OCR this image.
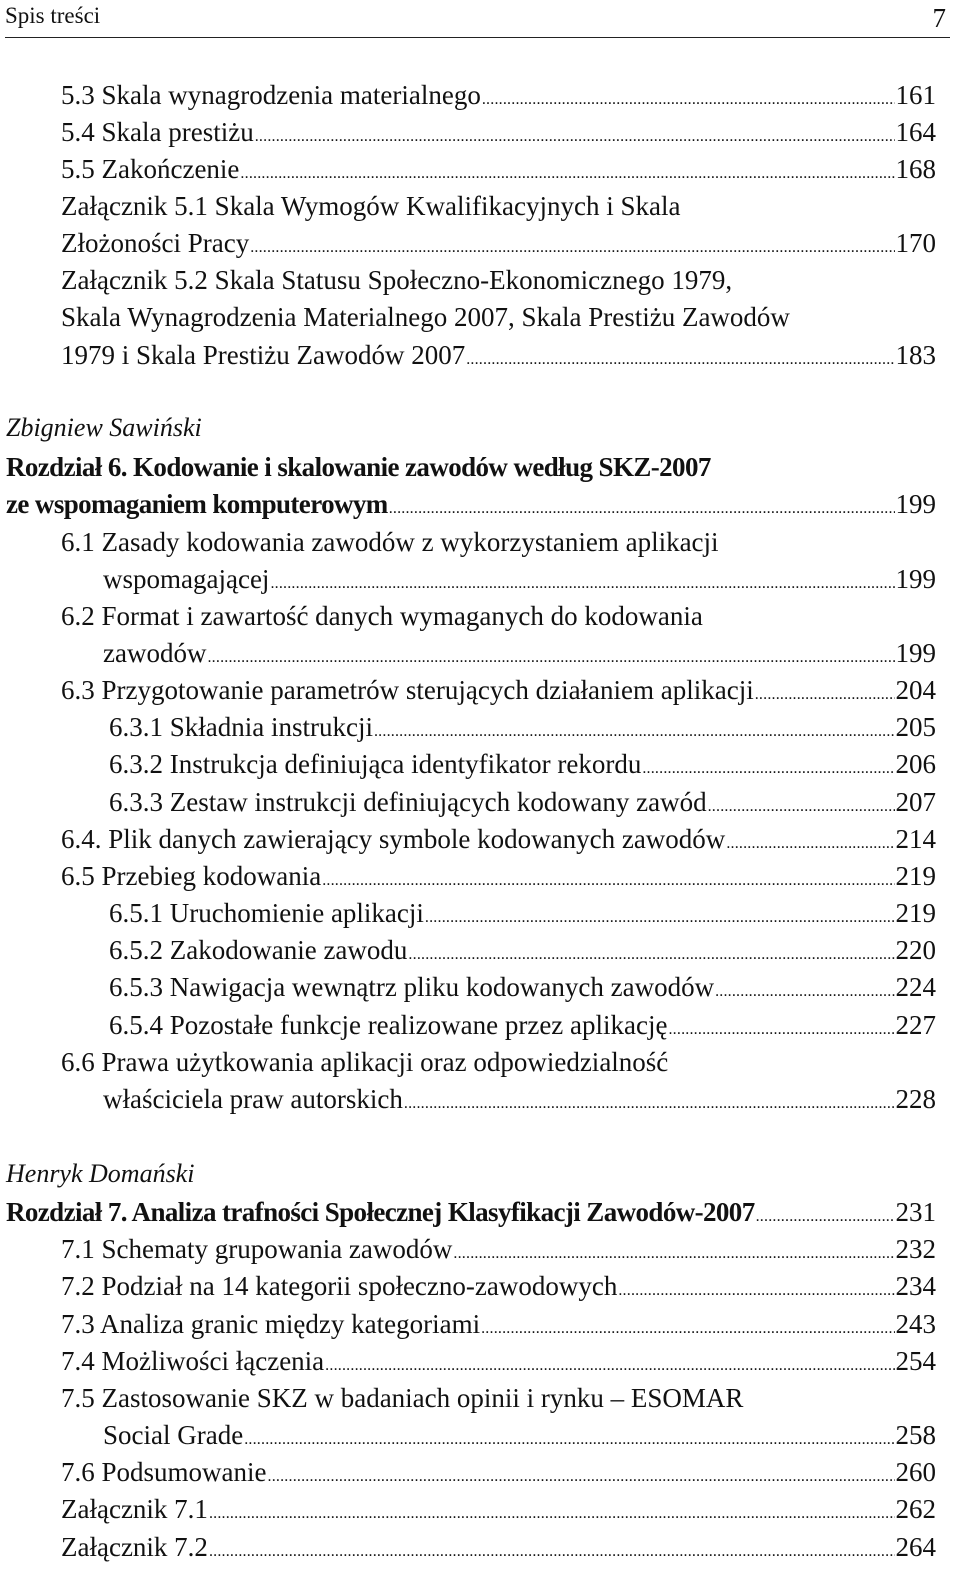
Spis treści	7
5.3 Skala wynagrodzenia materialnego .....	161
5.4 Skala prestiżu .....	164
5.5 Zakończenie .....	168
Załącznik 5.1 Skala Wymogów Kwalifikacyjnych i Skala
Złożoności Pracy .....	170
Załącznik 5.2 Skala Statusu Społeczno-Ekonomicznego 1979,
Skala Wynagrodzenia Materialnego 2007, Skala Prestiżu Zawodów
1979 i Skala Prestiżu Zawodów 2007 .....	183
Zbigniew Sawiński
Rozdział 6. Kodowanie i skalowanie zawodów według SKZ-2007
ze wspomaganiem komputerowym .....	199
6.1 Zasady kodowania zawodów z wykorzystaniem aplikacji
wspomagającej .....	199
6.2 Format i zawartość danych wymaganych do kodowania
zawodów .....	199
6.3 Przygotowanie parametrów sterujących działaniem aplikacji .....	204
6.3.1 Składnia instrukcji .....	205
6.3.2 Instrukcja definiująca identyfikator rekordu .....	206
6.3.3 Zestaw instrukcji definiujących kodowany zawód .....	207
6.4. Plik danych zawierający symbole kodowanych zawodów .....	214
6.5 Przebieg kodowania .....	219
6.5.1 Uruchomienie aplikacji .....	219
6.5.2 Zakodowanie zawodu .....	220
6.5.3 Nawigacja wewnątrz pliku kodowanych zawodów .....	224
6.5.4 Pozostałe funkcje realizowane przez aplikację .....	227
6.6 Prawa użytkowania aplikacji oraz odpowiedzialność
właściciela praw autorskich .....	228
Henryk Domański
Rozdział 7. Analiza trafności Społecznej Klasyfikacji Zawodów-2007 .....	231
7.1 Schematy grupowania zawodów .....	232
7.2 Podział na 14 kategorii społeczno-zawodowych .....	234
7.3 Analiza granic między kategoriami .....	243
7.4 Możliwości łączenia .....	254
7.5 Zastosowanie SKZ w badaniach opinii i rynku – ESOMAR
Social Grade .....	258
7.6 Podsumowanie .....	260
Załącznik 7.1 .....	262
Załącznik 7.2 .....	264
